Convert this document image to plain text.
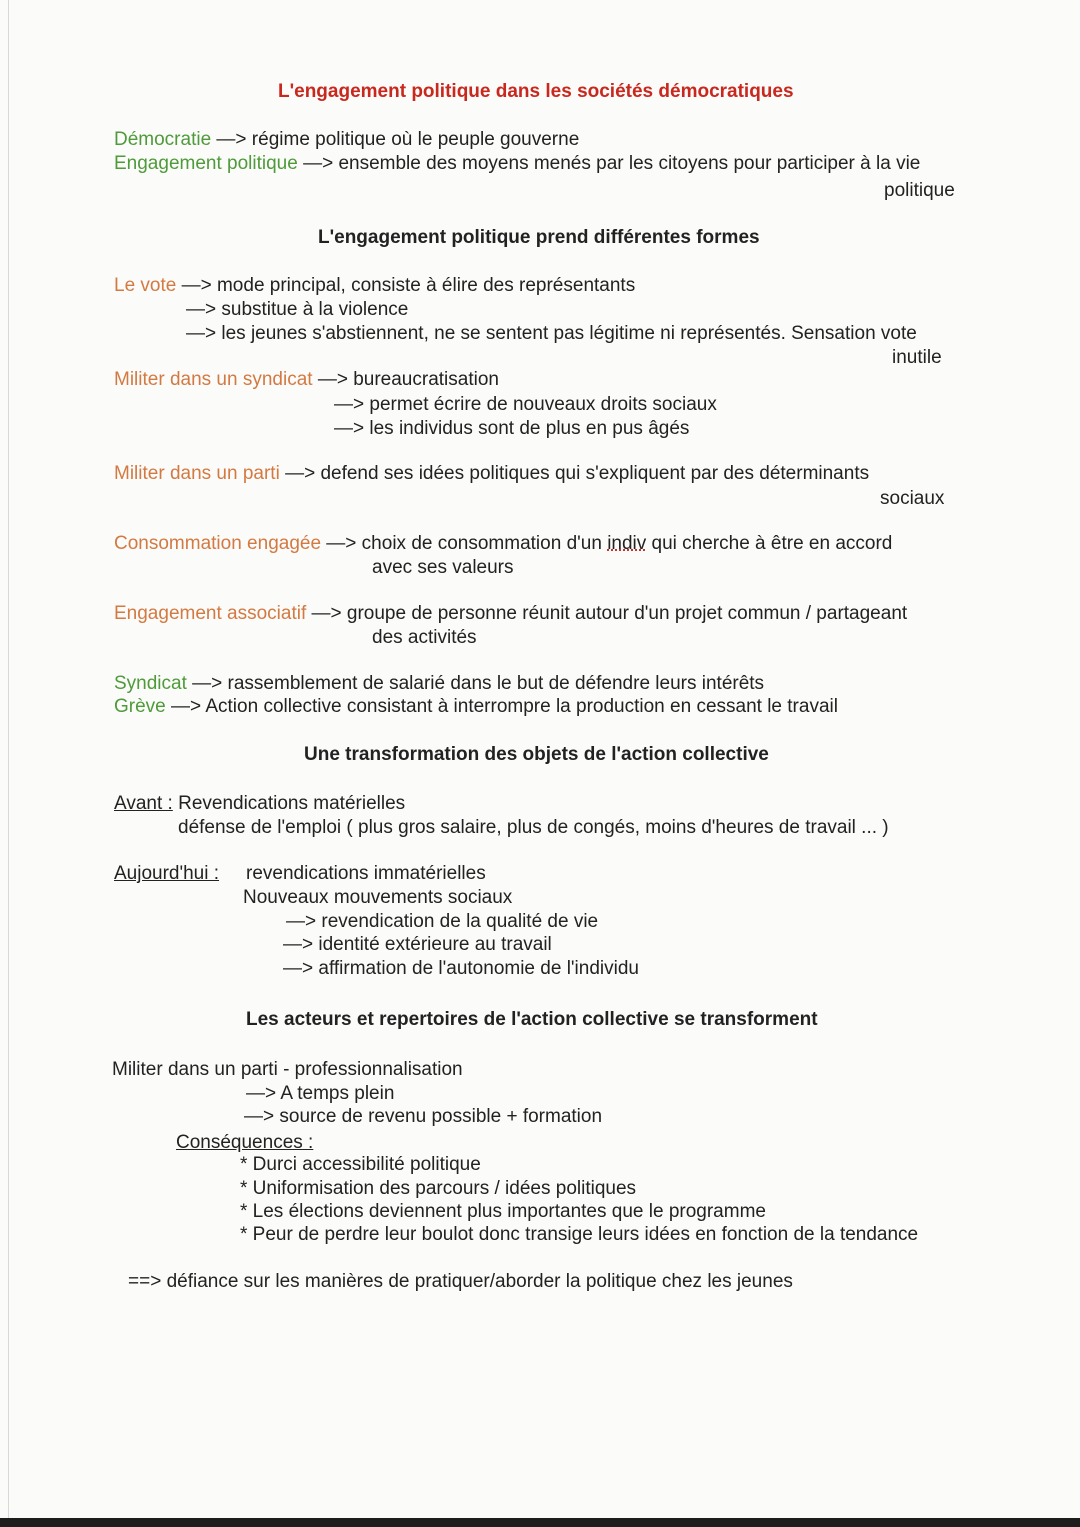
L'engagement politique dans les sociétés démocratiques
Démocratie —> régime politique où le peuple gouverne
Engagement politique —> ensemble des moyens menés par les citoyens pour participer à la vie
politique
L'engagement politique prend différentes formes
Le vote —> mode principal, consiste à élire des représentants
—> substitue à la violence
—> les jeunes s'abstiennent, ne se sentent pas légitime ni représentés. Sensation vote
inutile
Militer dans un syndicat —> bureaucratisation
—> permet écrire de nouveaux droits sociaux
—> les individus sont de plus en pus âgés
Militer dans un parti —> defend ses idées politiques qui s'expliquent par des déterminants
sociaux
Consommation engagée —> choix de consommation d'un indiv qui cherche à être en accord
avec ses valeurs
Engagement associatif —> groupe de personne réunit autour d'un projet commun / partageant
des activités
Syndicat —> rassemblement de salarié dans le but de défendre leurs intérêts
Grève —> Action collective consistant à interrompre la production en cessant le travail
Une transformation des objets de l'action collective
Avant : Revendications matérielles
défense de l'emploi ( plus gros salaire, plus de congés, moins d'heures de travail ... )
Aujourd'hui : revendications immatérielles
Nouveaux mouvements sociaux
—> revendication de la qualité de vie
—> identité extérieure au travail
—> affirmation de l'autonomie de l'individu
Les acteurs et repertoires de l'action collective se transforment
Militer dans un parti - professionnalisation
—> A temps plein
—> source de revenu possible + formation
Conséquences :
* Durci accessibilité politique
* Uniformisation des parcours / idées politiques
* Les élections deviennent plus importantes que le programme
* Peur de perdre leur boulot donc transige leurs idées en fonction de la tendance
==> défiance sur les manières de pratiquer/aborder la politique chez les jeunes
